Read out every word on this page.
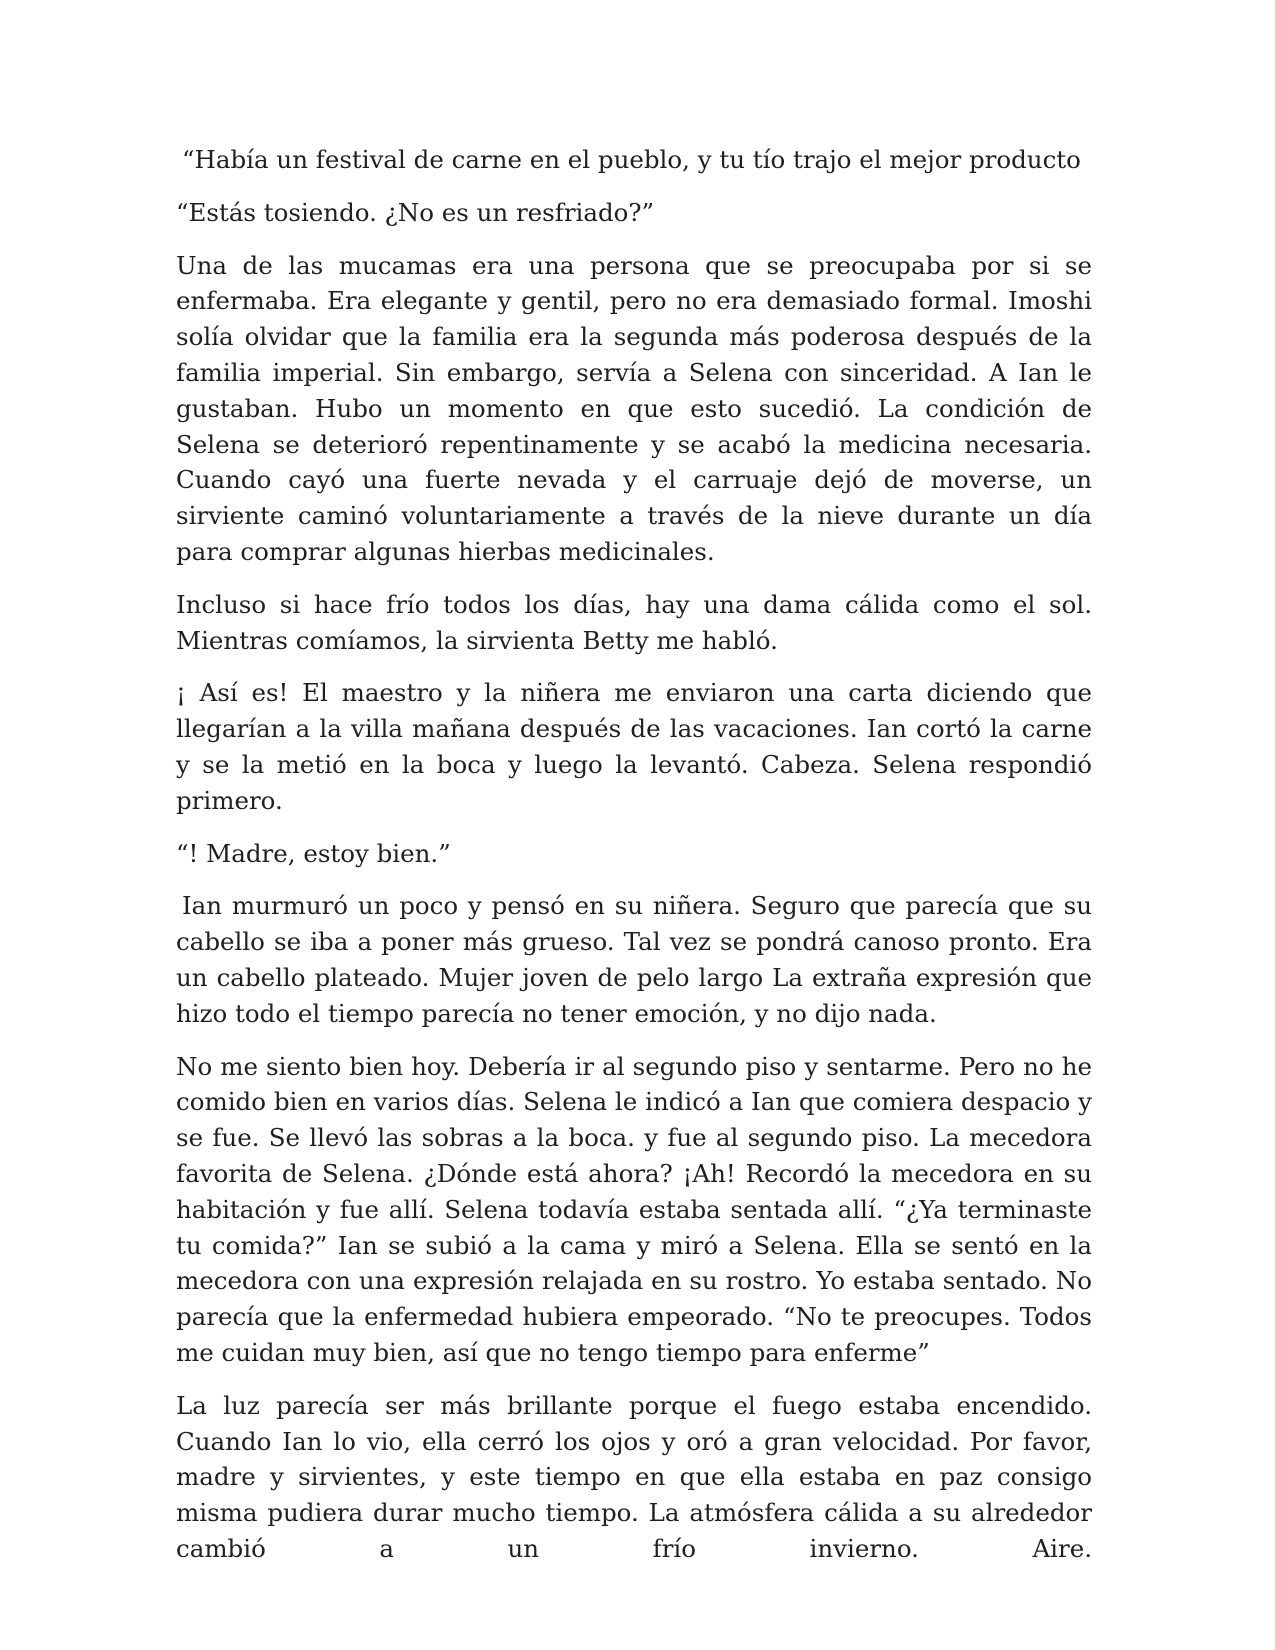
“Había un festival de carne en el pueblo, y tu tío trajo el mejor producto

“Estás tosiendo. ¿No es un resfriado?”

Una de las mucamas era una persona que se preocupaba por si se enfermaba. Era elegante y gentil, pero no era demasiado formal. Imoshi solía olvidar que la familia era la segunda más poderosa después de la familia imperial. Sin embargo, servía a Selena con sinceridad. A Ian le gustaban. Hubo un momento en que esto sucedió. La condición de Selena se deterioró repentinamente y se acabó la medicina necesaria. Cuando cayó una fuerte nevada y el carruaje dejó de moverse, un sirviente caminó voluntariamente a través de la nieve durante un día para comprar algunas hierbas medicinales.

Incluso si hace frío todos los días, hay una dama cálida como el sol. Mientras comíamos, la sirvienta Betty me habló.

¡ Así es! El maestro y la niñera me enviaron una carta diciendo que llegarían a la villa mañana después de las vacaciones. Ian cortó la carne y se la metió en la boca y luego la levantó. Cabeza. Selena respondió primero.

“! Madre, estoy bien.”

Ian murmuró un poco y pensó en su niñera. Seguro que parecía que su cabello se iba a poner más grueso. Tal vez se pondrá canoso pronto. Era un cabello plateado. Mujer joven de pelo largo La extraña expresión que hizo todo el tiempo parecía no tener emoción, y no dijo nada.

No me siento bien hoy. Debería ir al segundo piso y sentarme. Pero no he comido bien en varios días. Selena le indicó a Ian que comiera despacio y se fue. Se llevó las sobras a la boca. y fue al segundo piso. La mecedora favorita de Selena. ¿Dónde está ahora? ¡Ah! Recordó la mecedora en su habitación y fue allí. Selena todavía estaba sentada allí. “¿Ya terminaste tu comida?” Ian se subió a la cama y miró a Selena. Ella se sentó en la mecedora con una expresión relajada en su rostro. Yo estaba sentado. No parecía que la enfermedad hubiera empeorado. “No te preocupes. Todos me cuidan muy bien, así que no tengo tiempo para enferme”

La luz parecía ser más brillante porque el fuego estaba encendido. Cuando Ian lo vio, ella cerró los ojos y oró a gran velocidad. Por favor, madre y sirvientes, y este tiempo en que ella estaba en paz consigo misma pudiera durar mucho tiempo. La atmósfera cálida a su alrededor cambió a un frío invierno. Aire.
